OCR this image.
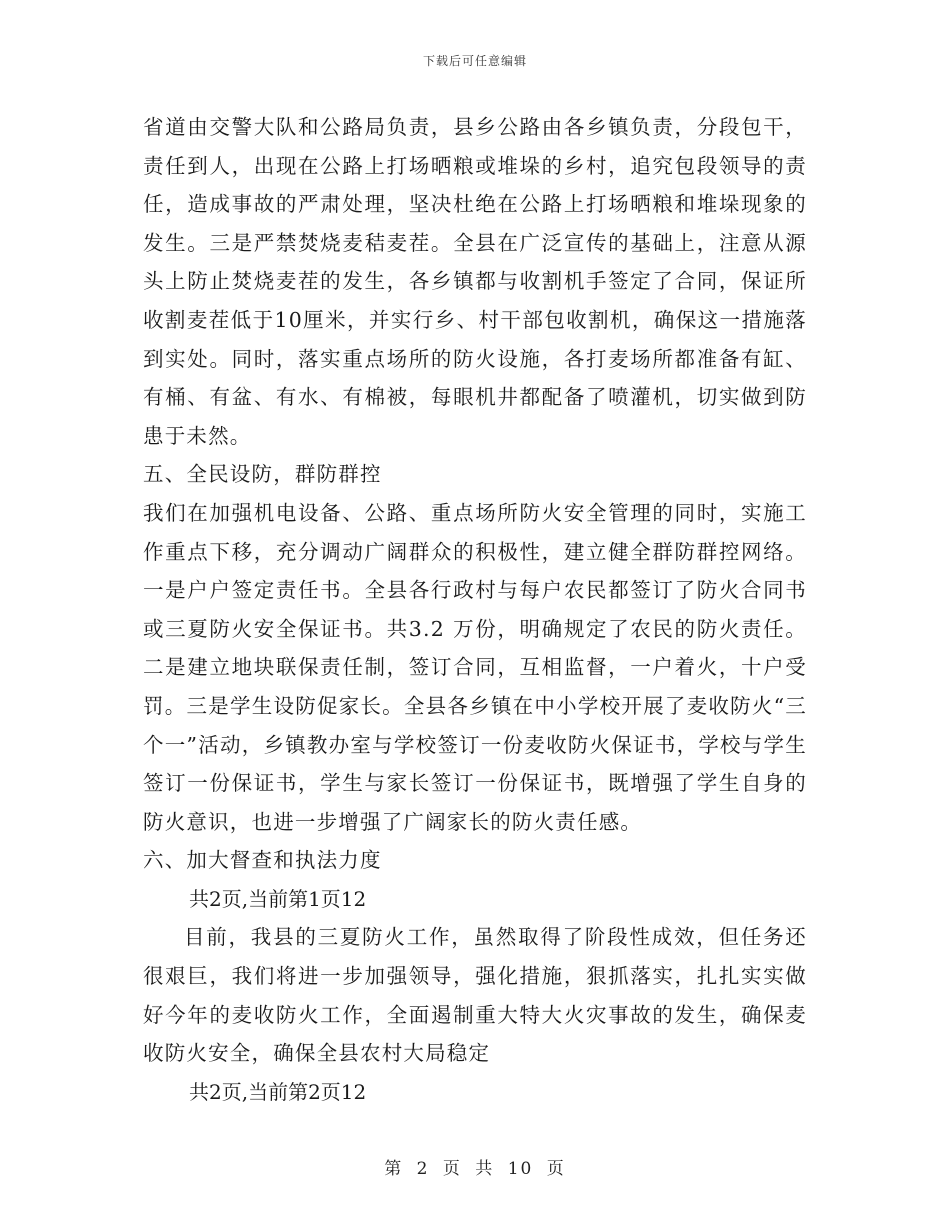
下载后可任意编辑

省道由交警大队和公路局负责，县乡公路由各乡镇负责，分段包干，责任到人，出现在公路上打场晒粮或堆垛的乡村，追究包段领导的责任，造成事故的严肃处理，坚决杜绝在公路上打场晒粮和堆垛现象的发生。三是严禁焚烧麦秸麦茬。全县在广泛宣传的基础上，注意从源头上防止焚烧麦茬的发生，各乡镇都与收割机手签定了合同，保证所收割麦茬低于10厘米，并实行乡、村干部包收割机，确保这一措施落到实处。同时，落实重点场所的防火设施，各打麦场所都准备有缸、有桶、有盆、有水、有棉被，每眼机井都配备了喷灌机，切实做到防患于未然。

五、全民设防，群防群控

我们在加强机电设备、公路、重点场所防火安全管理的同时，实施工作重点下移，充分调动广阔群众的积极性，建立健全群防群控网络。一是户户签定责任书。全县各行政村与每户农民都签订了防火合同书或三夏防火安全保证书。共3.2 万份，明确规定了农民的防火责任。二是建立地块联保责任制，签订合同，互相监督，一户着火，十户受罚。三是学生设防促家长。全县各乡镇在中小学校开展了麦收防火“三个一”活动，乡镇教办室与学校签订一份麦收防火保证书，学校与学生签订一份保证书，学生与家长签订一份保证书，既增强了学生自身的防火意识，也进一步增强了广阔家长的防火责任感。

六、加大督查和执法力度

共2页,当前第1页12

目前，我县的三夏防火工作，虽然取得了阶段性成效，但任务还很艰巨，我们将进一步加强领导，强化措施，狠抓落实，扎扎实实做好今年的麦收防火工作，全面遏制重大特大火灾事故的发生，确保麦收防火安全，确保全县农村大局稳定

共2页,当前第2页12

第 2 页 共 10 页
